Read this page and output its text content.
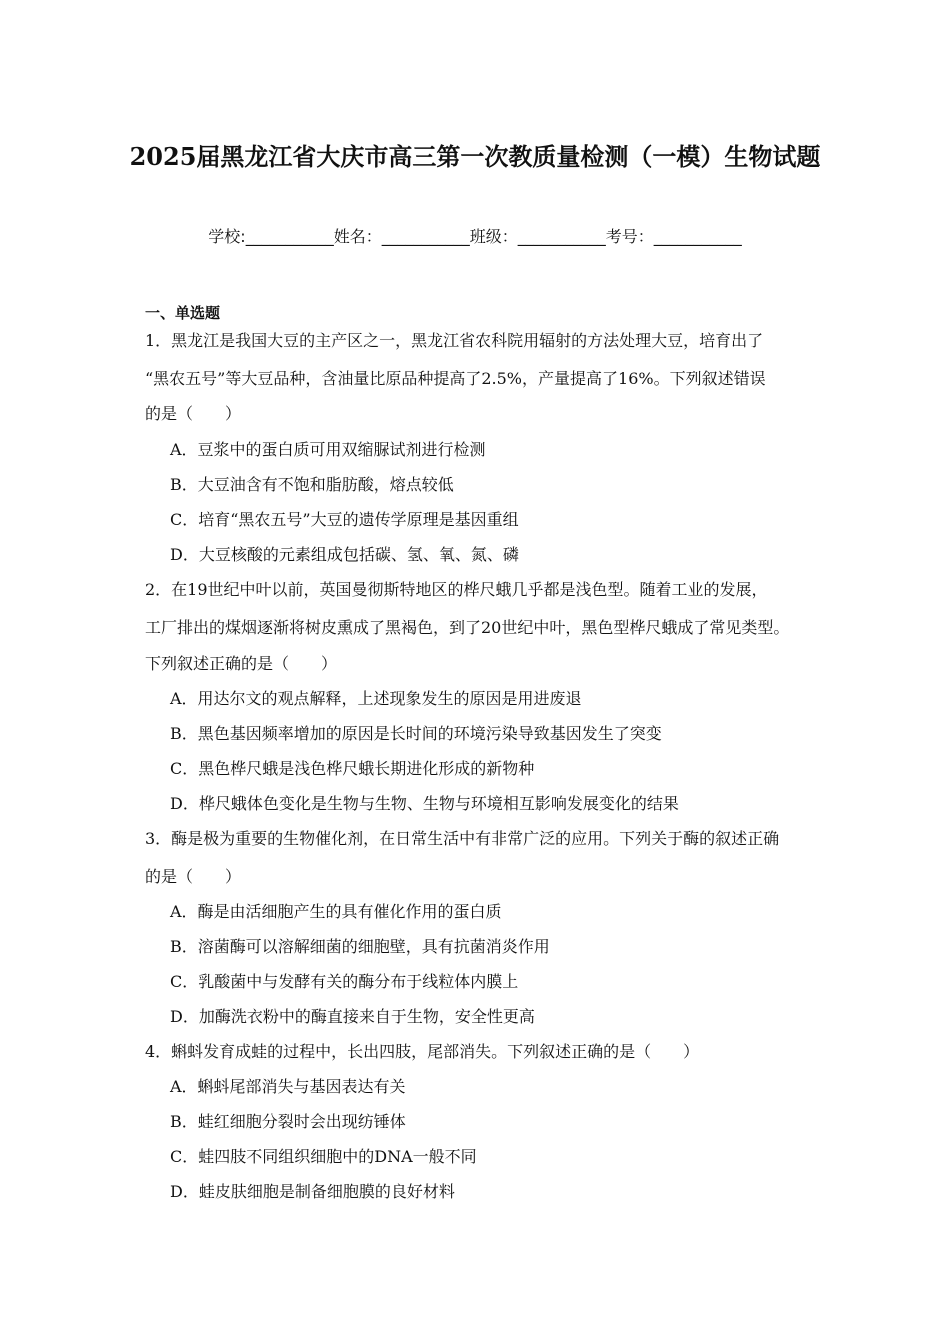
2025届黑龙江省大庆市高三第一次教质量检测（一模）生物试题
学校:___________姓名：___________班级：___________考号：___________
一、单选题
1．黑龙江是我国大豆的主产区之一，黑龙江省农科院用辐射的方法处理大豆，培育出了
“黑农五号”等大豆品种，含油量比原品种提高了2.5%，产量提高了16%。下列叙述错误
的是（　　）
A．豆浆中的蛋白质可用双缩脲试剂进行检测
B．大豆油含有不饱和脂肪酸，熔点较低
C．培育“黑农五号”大豆的遗传学原理是基因重组
D．大豆核酸的元素组成包括碳、氢、氧、氮、磷
2．在19世纪中叶以前，英国曼彻斯特地区的桦尺蛾几乎都是浅色型。随着工业的发展，
工厂排出的煤烟逐渐将树皮熏成了黑褐色，到了20世纪中叶，黑色型桦尺蛾成了常见类型。
下列叙述正确的是（　　）
A．用达尔文的观点解释，上述现象发生的原因是用进废退
B．黑色基因频率增加的原因是长时间的环境污染导致基因发生了突变
C．黑色桦尺蛾是浅色桦尺蛾长期进化形成的新物种
D．桦尺蛾体色变化是生物与生物、生物与环境相互影响发展变化的结果
3．酶是极为重要的生物催化剂，在日常生活中有非常广泛的应用。下列关于酶的叙述正确
的是（　　）
A．酶是由活细胞产生的具有催化作用的蛋白质
B．溶菌酶可以溶解细菌的细胞壁，具有抗菌消炎作用
C．乳酸菌中与发酵有关的酶分布于线粒体内膜上
D．加酶洗衣粉中的酶直接来自于生物，安全性更高
4．蝌蚪发育成蛙的过程中，长出四肢，尾部消失。下列叙述正确的是（　　）
A．蝌蚪尾部消失与基因表达有关
B．蛙红细胞分裂时会出现纺锤体
C．蛙四肢不同组织细胞中的DNA一般不同
D．蛙皮肤细胞是制备细胞膜的良好材料
